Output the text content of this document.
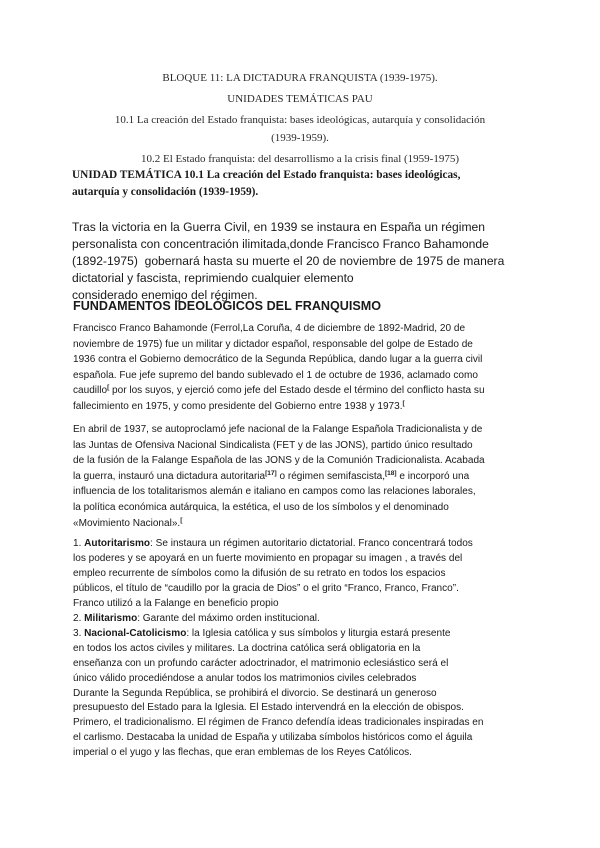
BLOQUE 11: LA DICTADURA FRANQUISTA (1939-1975).
UNIDADES TEMÁTICAS PAU
10.1 La creación del Estado franquista: bases ideológicas, autarquía y consolidación
(1939-1959).
10.2 El Estado franquista: del desarrollismo a la crisis final (1959-1975)
UNIDAD TEMÁTICA 10.1 La creación del Estado franquista: bases ideológicas,
autarquía y consolidación (1939-1959).
Tras la victoria en la Guerra Civil, en 1939 se instaura en España un régimen
personalista con concentración ilimitada,donde Francisco Franco Bahamonde
(1892-1975)  gobernará hasta su muerte el 20 de noviembre de 1975 de manera
dictatorial y fascista, reprimiendo cualquier elemento
considerado enemigo del régimen.
FUNDAMENTOS IDEOLÓGICOS DEL FRANQUISMO
Francisco Franco Bahamonde (Ferrol,La Coruña, 4 de diciembre de 1892-Madrid, 20 de
noviembre de 1975) fue un militar y dictador español, responsable del golpe de Estado de
1936 contra el Gobierno democrático de la Segunda República, dando lugar a la guerra civil
española. Fue jefe supremo del bando sublevado el 1 de octubre de 1936, aclamado como
caudillo[ por los suyos, y ejerció como jefe del Estado desde el término del conflicto hasta su
fallecimiento en 1975, y como presidente del Gobierno entre 1938 y 1973.[
En abril de 1937, se autoproclamó jefe nacional de la Falange Española Tradicionalista y de
las Juntas de Ofensiva Nacional Sindicalista (FET y de las JONS), partido único resultado
de la fusión de la Falange Española de las JONS y de la Comunión Tradicionalista. Acabada
la guerra, instauró una dictadura autoritaria[17] o régimen semifascista,[18] e incorporó una
influencia de los totalitarismos alemán e italiano en campos como las relaciones laborales,
la política económica autárquica, la estética, el uso de los símbolos y el denominado
«Movimiento Nacional».[
1. Autoritarismo: Se instaura un régimen autoritario dictatorial. Franco concentrará todos
los poderes y se apoyará en un fuerte movimiento en propagar su imagen , a través del
empleo recurrente de símbolos como la difusión de su retrato en todos los espacios
públicos, el título de “caudillo por la gracia de Dios” o el grito “Franco, Franco, Franco”.
Franco utilizó a la Falange en beneficio propio
2. Militarismo: Garante del máximo orden institucional.
3. Nacional-Catolicismo: la Iglesia católica y sus símbolos y liturgia estará presente
en todos los actos civiles y militares. La doctrina católica será obligatoria en la
enseñanza con un profundo carácter adoctrinador, el matrimonio eclesiástico será el
único válido procediéndose a anular todos los matrimonios civiles celebrados
Durante la Segunda República, se prohibirá el divorcio. Se destinará un generoso
presupuesto del Estado para la Iglesia. El Estado intervendrá en la elección de obispos.
Primero, el tradicionalismo. El régimen de Franco defendía ideas tradicionales inspiradas en
el carlismo. Destacaba la unidad de España y utilizaba símbolos históricos como el águila
imperial o el yugo y las flechas, que eran emblemas de los Reyes Católicos.
